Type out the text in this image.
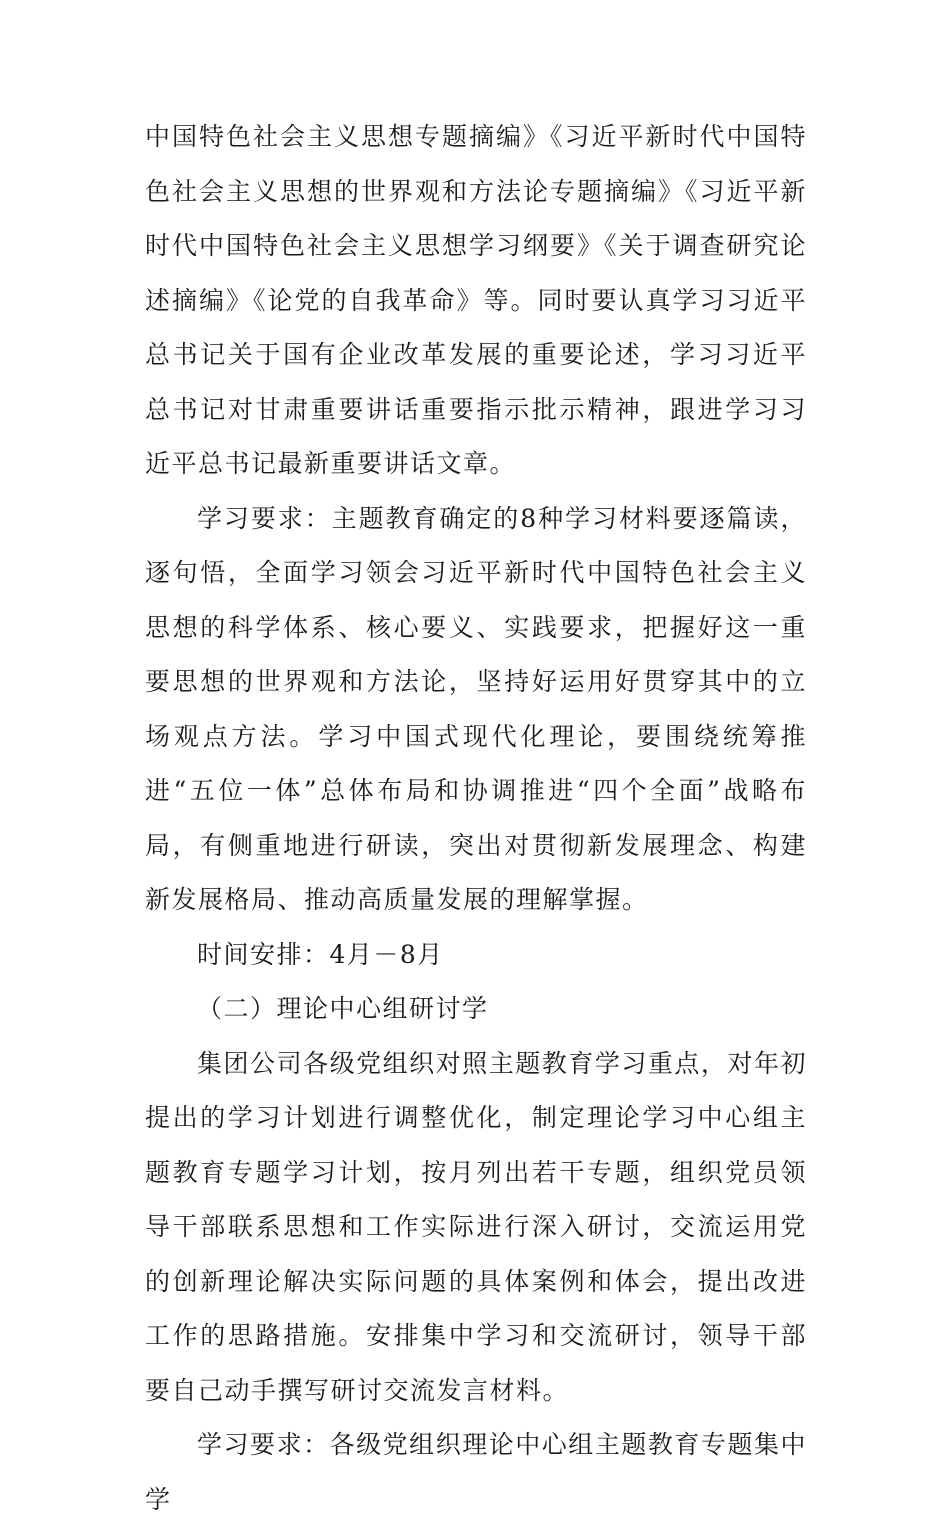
中国特色社会主义思想专题摘编》《习近平新时代中国特色社会主义思想的世界观和方法论专题摘编》《习近平新时代中国特色社会主义思想学习纲要》《关于调查研究论述摘编》《论党的自我革命》等。同时要认真学习习近平总书记关于国有企业改革发展的重要论述，学习习近平总书记对甘肃重要讲话重要指示批示精神，跟进学习习近平总书记最新重要讲话文章。

学习要求：主题教育确定的8种学习材料要逐篇读，逐句悟，全面学习领会习近平新时代中国特色社会主义思想的科学体系、核心要义、实践要求，把握好这一重要思想的世界观和方法论，坚持好运用好贯穿其中的立场观点方法。学习中国式现代化理论，要围绕统筹推进“五位一体”总体布局和协调推进“四个全面”战略布局，有侧重地进行研读，突出对贯彻新发展理念、构建新发展格局、推动高质量发展的理解掌握。

时间安排：4月－8月

（二）理论中心组研讨学

集团公司各级党组织对照主题教育学习重点，对年初提出的学习计划进行调整优化，制定理论学习中心组主题教育专题学习计划，按月列出若干专题，组织党员领导干部联系思想和工作实际进行深入研讨，交流运用党的创新理论解决实际问题的具体案例和体会，提出改进工作的思路措施。安排集中学习和交流研讨，领导干部要自己动手撰写研讨交流发言材料。

学习要求：各级党组织理论中心组主题教育专题集中学
